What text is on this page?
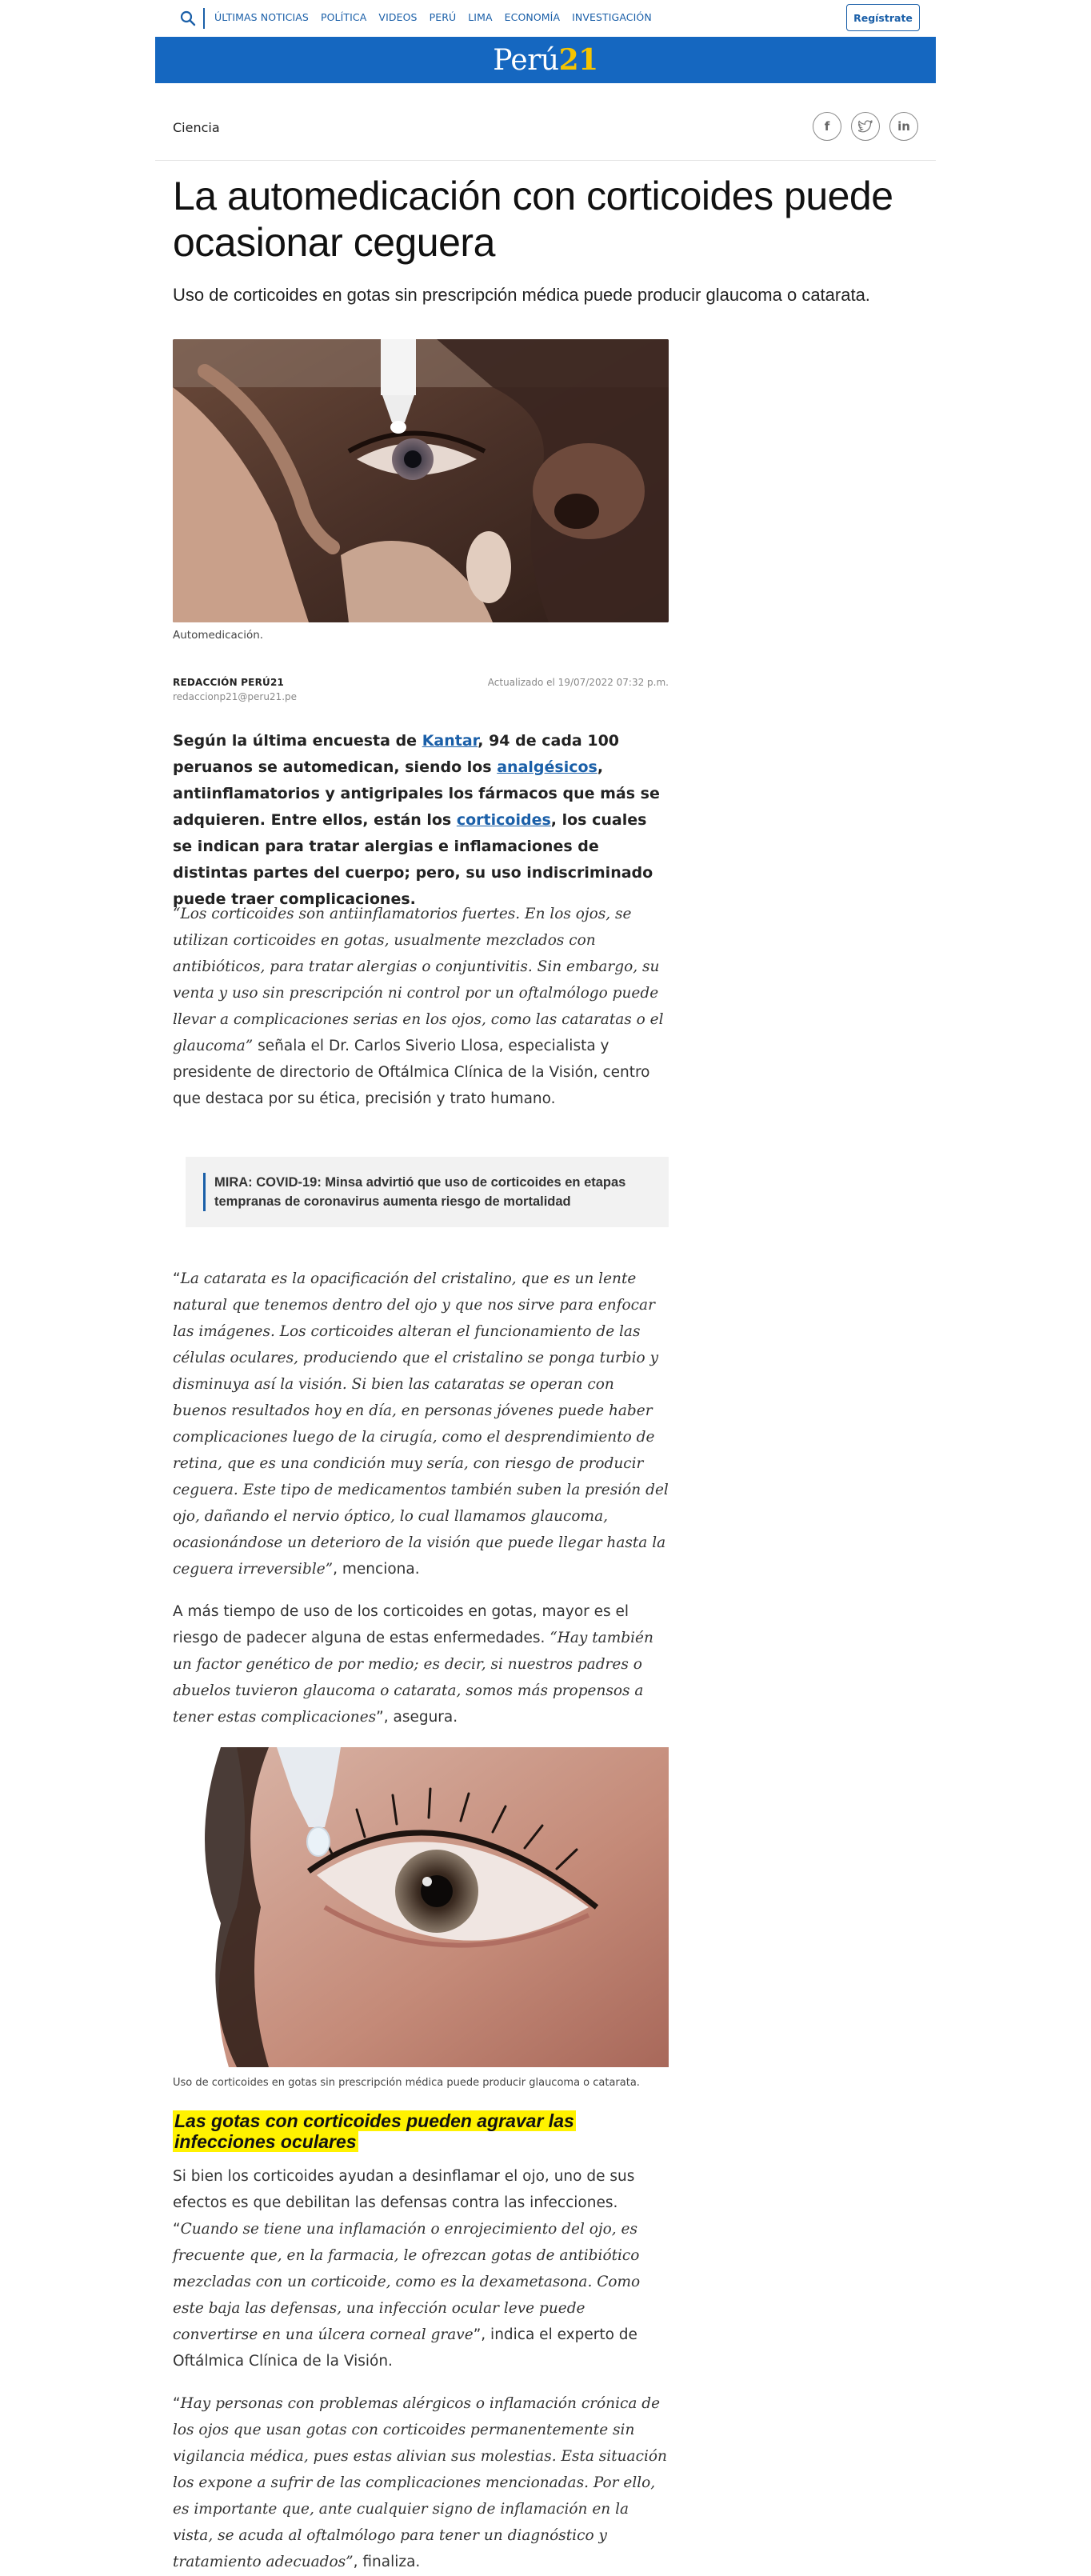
ÚLTIMAS NOTICIAS POLÍTICA VIDEOS PERÚ LIMA ECONOMÍA INVESTIGACIÓN	Regístrate
Perú21
Ciencia	f	in
La automedicación con corticoides puede ocasionar ceguera
Uso de corticoides en gotas sin prescripción médica puede producir glaucoma o catarata.
Automedicación.
REDACCIÓN PERÚ21
redaccionp21@peru21.pe
Actualizado el 19/07/2022 07:32 p.m.

Según la última encuesta de Kantar, 94 de cada 100 peruanos se automedican, siendo los analgésicos, antiinflamatorios y antigripales los fármacos que más se adquieren. Entre ellos, están los corticoides, los cuales se indican para tratar alergias e inflamaciones de distintas partes del cuerpo; pero, su uso indiscriminado puede traer complicaciones.

“Los corticoides son antiinflamatorios fuertes. En los ojos, se utilizan corticoides en gotas, usualmente mezclados con antibióticos, para tratar alergias o conjuntivitis. Sin embargo, su venta y uso sin prescripción ni control por un oftalmólogo puede llevar a complicaciones serias en los ojos, como las cataratas o el glaucoma” señala el Dr. Carlos Siverio Llosa, especialista y presidente de directorio de Oftálmica Clínica de la Visión, centro que destaca por su ética, precisión y trato humano.

MIRA: COVID-19: Minsa advirtió que uso de corticoides en etapas tempranas de coronavirus aumenta riesgo de mortalidad

“La catarata es la opacificación del cristalino, que es un lente natural que tenemos dentro del ojo y que nos sirve para enfocar las imágenes. Los corticoides alteran el funcionamiento de las células oculares, produciendo que el cristalino se ponga turbio y disminuya así la visión. Si bien las cataratas se operan con buenos resultados hoy en día, en personas jóvenes puede haber complicaciones luego de la cirugía, como el desprendimiento de retina, que es una condición muy sería, con riesgo de producir ceguera. Este tipo de medicamentos también suben la presión del ojo, dañando el nervio óptico, lo cual llamamos glaucoma, ocasionándose un deterioro de la visión que puede llegar hasta la ceguera irreversible”, menciona.

A más tiempo de uso de los corticoides en gotas, mayor es el riesgo de padecer alguna de estas enfermedades. “Hay también un factor genético de por medio; es decir, si nuestros padres o abuelos tuvieron glaucoma o catarata, somos más propensos a tener estas complicaciones”, asegura.

Uso de corticoides en gotas sin prescripción médica puede producir glaucoma o catarata.
Las gotas con corticoides pueden agravar las infecciones oculares

Si bien los corticoides ayudan a desinflamar el ojo, uno de sus efectos es que debilitan las defensas contra las infecciones. “Cuando se tiene una inflamación o enrojecimiento del ojo, es frecuente que, en la farmacia, le ofrezcan gotas de antibiótico mezcladas con un corticoide, como es la dexametasona. Como este baja las defensas, una infección ocular leve puede convertirse en una úlcera corneal grave”, indica el experto de Oftálmica Clínica de la Visión.

“Hay personas con problemas alérgicos o inflamación crónica de los ojos que usan gotas con corticoides permanentemente sin vigilancia médica, pues estas alivian sus molestias. Esta situación los expone a sufrir de las complicaciones mencionadas. Por ello, es importante que, ante cualquier signo de inflamación en la vista, se acuda al oftalmólogo para tener un diagnóstico y tratamiento adecuados”, finaliza.
